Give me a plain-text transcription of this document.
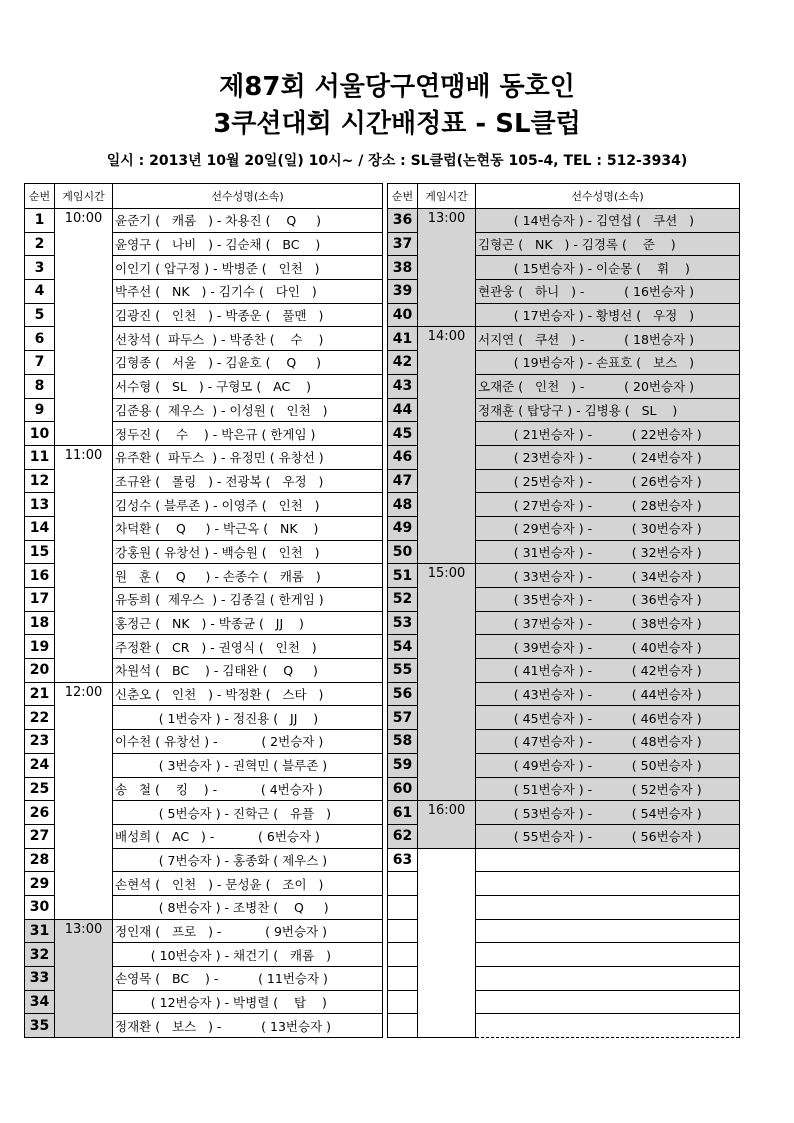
제87회 서울당구연맹배 동호인
3쿠션대회 시간배정표 - SL클럽
일시 : 2013년 10월 20일(일) 10시~ / 장소 : SL클럽(논현동 105-4, TEL : 512-3934)
순번	게임시간	선수성명(소속)
1	10:00	윤준기 (   캐롬   ) - 차용진 (    Q     )
2		윤영구 (   나비   ) - 김순채 (   BC    )
3		이인기 ( 압구정 ) - 박병준 (   인천   )
4		박주선 (   NK   ) - 김기수 (   다인   )
5		김광진 (   인천   ) - 박종운 (   풀맨   )
6		선창석 (  파두스  ) - 박종찬 (    수    )
7		김형종 (   서울   ) - 김윤호 (    Q     )
8		서수형 (   SL   ) - 구형모 (   AC    )
9		김준용 (  제우스  ) - 이성원 (   인천   )
10		정두진 (    수    ) - 박은규 ( 한게임 )
11	11:00	유주환 (  파두스  ) - 유정민 ( 유창선 )
12		조규완 (   롤링   ) - 전광복 (   우정   )
13		김성수 ( 블루존 ) - 이영주 (   인천   )
14		차덕환 (    Q     ) - 박근옥 (   NK    )
15		강홍원 ( 유창선 ) - 백승원 (   인천   )
16		원   훈 (    Q     ) - 손종수 (   캐롬   )
17		유동희 (  제우스  ) - 김종길 ( 한게임 )
18		홍정근 (   NK   ) - 박종균 (   JJ    )
19		주정환 (   CR   ) - 권영식 (   인천   )
20		차원석 (   BC    ) - 김태완 (    Q     )
21	12:00	신춘오 (   인천   ) - 박정환 (   스타   )
22		( 1번승자 ) - 정진용 (   JJ    )
23		이수천 ( 유창선 ) -           ( 2번승자 )
24		( 3번승자 ) - 권혁민 ( 블루존 )
25		송   철 (    킹    ) -           ( 4번승자 )
26		( 5번승자 ) - 진학근 (   유플   )
27		배성희 (   AC   ) -           ( 6번승자 )
28		( 7번승자 ) - 홍종화 ( 제우스 )
29		손현석 (   인천   ) - 문성윤 (   조이   )
30		( 8번승자 ) - 조병찬 (    Q     )
31	13:00	정인재 (   프로   ) -           ( 9번승자 )
32		( 10번승자 ) - 채건기 (   캐롬   )
33		손영목 (   BC    ) -          ( 11번승자 )
34		( 12번승자 ) - 박병렬 (    탑    )
35		정재환 (   보스   ) -          ( 13번승자 )
순번	게임시간	선수성명(소속)
36	13:00	( 14번승자 ) - 김연섭 (   쿠션   )
37		김형곤 (   NK   ) - 김경록 (    준    )
38		( 15번승자 ) - 이순몽 (    휘    )
39		현관웅 (   하니   ) -          ( 16번승자 )
40		( 17번승자 ) - 황병선 (   우정   )
41	14:00	서지연 (   쿠션   ) -          ( 18번승자 )
42		( 19번승자 ) - 손표호 (   보스   )
43		오재준 (   인천   ) -          ( 20번승자 )
44		정재훈 ( 탑당구 ) - 김병용 (   SL    )
45		( 21번승자 ) -          ( 22번승자 )
46		( 23번승자 ) -          ( 24번승자 )
47		( 25번승자 ) -          ( 26번승자 )
48		( 27번승자 ) -          ( 28번승자 )
49		( 29번승자 ) -          ( 30번승자 )
50		( 31번승자 ) -          ( 32번승자 )
51	15:00	( 33번승자 ) -          ( 34번승자 )
52		( 35번승자 ) -          ( 36번승자 )
53		( 37번승자 ) -          ( 38번승자 )
54		( 39번승자 ) -          ( 40번승자 )
55		( 41번승자 ) -          ( 42번승자 )
56		( 43번승자 ) -          ( 44번승자 )
57		( 45번승자 ) -          ( 46번승자 )
58		( 47번승자 ) -          ( 48번승자 )
59		( 49번승자 ) -          ( 50번승자 )
60		( 51번승자 ) -          ( 52번승자 )
61	16:00	( 53번승자 ) -          ( 54번승자 )
62		( 55번승자 ) -          ( 56번승자 )
63		
